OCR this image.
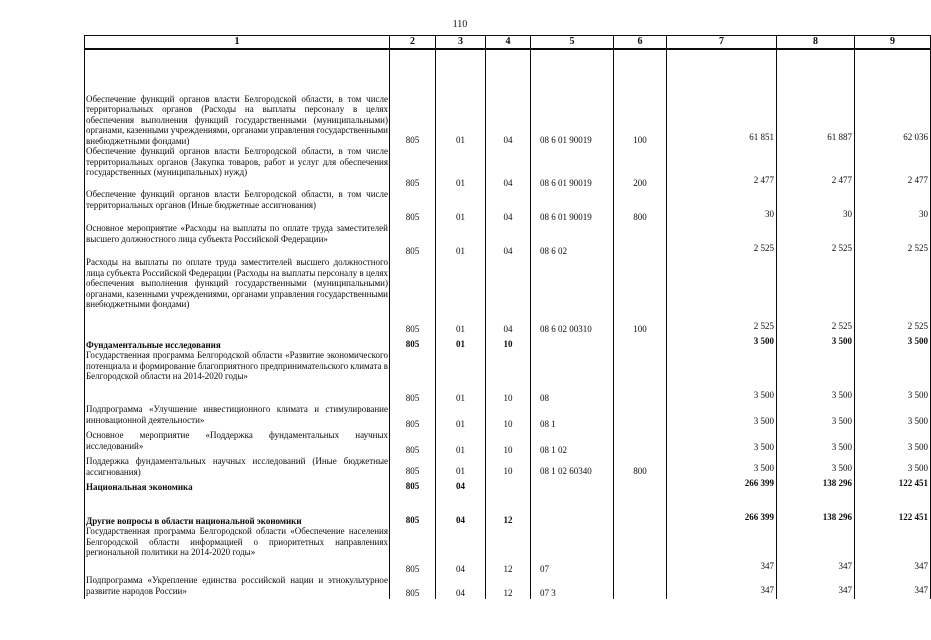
110
1	2	3	4	5	6	7	8	9
Обеспечение функций органов власти Белгородской области, в том числе территориальных органов (Расходы на выплаты персоналу в целях обеспечения выполнения функций государственными (муниципальными) органами, казенными учреждениями, органами управления государственными внебюджетными фондами)	805	01	04	08 6 01 90019	100	61 851	61 887	62 036
Обеспечение функций органов власти Белгородской области, в том числе территориальных органов (Закупка товаров, работ и услуг для обеспечения государственных (муниципальных) нужд)	805	01	04	08 6 01 90019	200	2 477	2 477	2 477
Обеспечение функций органов власти Белгородской области, в том числе территориальных органов (Иные бюджетные ассигнования)	805	01	04	08 6 01 90019	800	30	30	30
Основное мероприятие «Расходы на выплаты по оплате труда заместителей высшего должностного лица субъекта Российской Федерации»	805	01	04	08 6 02		2 525	2 525	2 525
Расходы на выплаты по оплате труда заместителей высшего должностного лица субъекта Российской Федерации (Расходы на выплаты персоналу в целях обеспечения выполнения функций государственными (муниципальными) органами, казенными учреждениями, органами управления государственными внебюджетными фондами)	805	01	04	08 6 02 00310	100	2 525	2 525	2 525
Фундаментальные исследования	805	01	10			3 500	3 500	3 500
Государственная программа Белгородской области «Развитие экономического потенциала и формирование благоприятного предпринимательского климата в Белгородской области на 2014-2020 годы»	805	01	10	08		3 500	3 500	3 500
Подпрограмма «Улучшение инвестиционного климата и стимулирование инновационной деятельности»	805	01	10	08 1		3 500	3 500	3 500
Основное мероприятие «Поддержка фундаментальных научных исследований»	805	01	10	08 1 02		3 500	3 500	3 500
Поддержка фундаментальных научных исследований (Иные бюджетные ассигнования)	805	01	10	08 1 02 60340	800	3 500	3 500	3 500
Национальная экономика	805	04				266 399	138 296	122 451
Другие вопросы в области национальной экономики	805	04	12			266 399	138 296	122 451
Государственная программа Белгородской области «Обеспечение населения Белгородской области информацией о приоритетных направлениях региональной политики на 2014-2020 годы»	805	04	12	07		347	347	347
Подпрограмма «Укрепление единства российской нации и этнокультурное развитие народов России»	805	04	12	07 3		347	347	347
